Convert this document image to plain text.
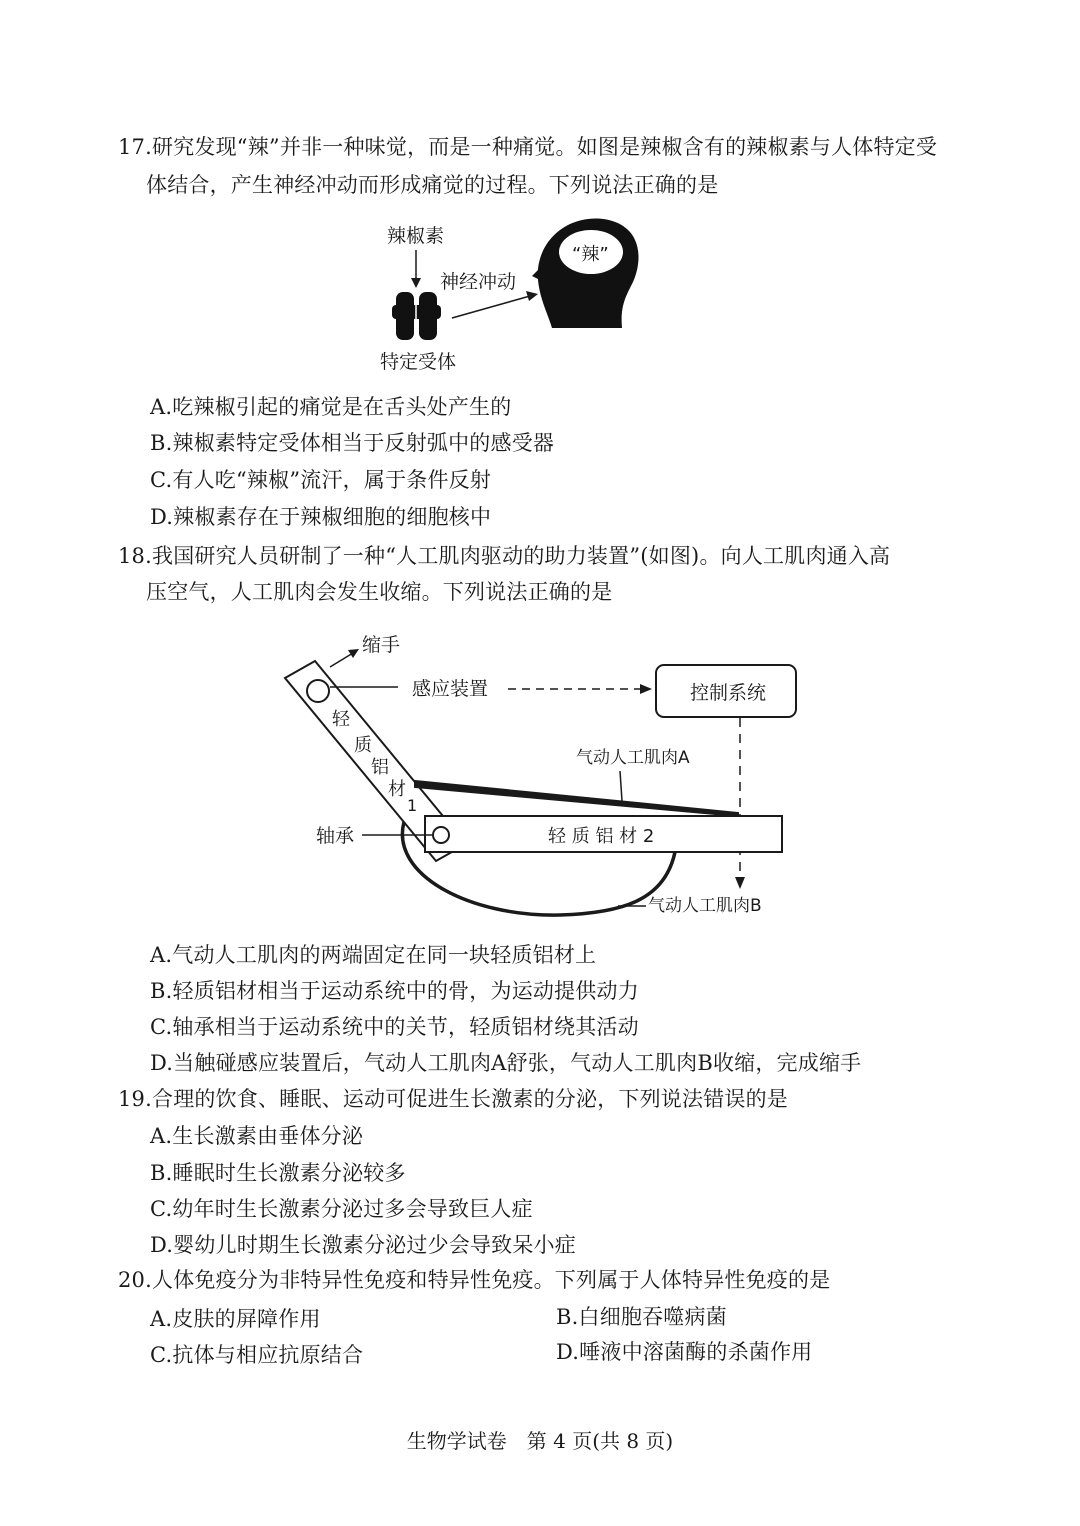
17.研究发现“辣”并非一种味觉，而是一种痛觉。如图是辣椒含有的辣椒素与人体特定受
体结合，产生神经冲动而形成痛觉的过程。下列说法正确的是
辣椒素
神经冲动
特定受体
“辣”
A.吃辣椒引起的痛觉是在舌头处产生的
B.辣椒素特定受体相当于反射弧中的感受器
C.有人吃“辣椒”流汗，属于条件反射
D.辣椒素存在于辣椒细胞的细胞核中
18.我国研究人员研制了一种“人工肌肉驱动的助力装置”(如图)。向人工肌肉通入高
压空气，人工肌肉会发生收缩。下列说法正确的是
缩手
轻
质
铝
材
1
感应装置	控制系统
气动人工肌肉A
轻 质 铝 材 2
轴承
气动人工肌肉B
A.气动人工肌肉的两端固定在同一块轻质铝材上
B.轻质铝材相当于运动系统中的骨，为运动提供动力
C.轴承相当于运动系统中的关节，轻质铝材绕其活动
D.当触碰感应装置后，气动人工肌肉A舒张，气动人工肌肉B收缩，完成缩手
19.合理的饮食、睡眠、运动可促进生长激素的分泌，下列说法错误的是
A.生长激素由垂体分泌
B.睡眠时生长激素分泌较多
C.幼年时生长激素分泌过多会导致巨人症
D.婴幼儿时期生长激素分泌过少会导致呆小症
20.人体免疫分为非特异性免疫和特异性免疫。下列属于人体特异性免疫的是
A.皮肤的屏障作用	B.白细胞吞噬病菌
C.抗体与相应抗原结合	D.唾液中溶菌酶的杀菌作用
生物学试卷　第 4 页(共 8 页)
